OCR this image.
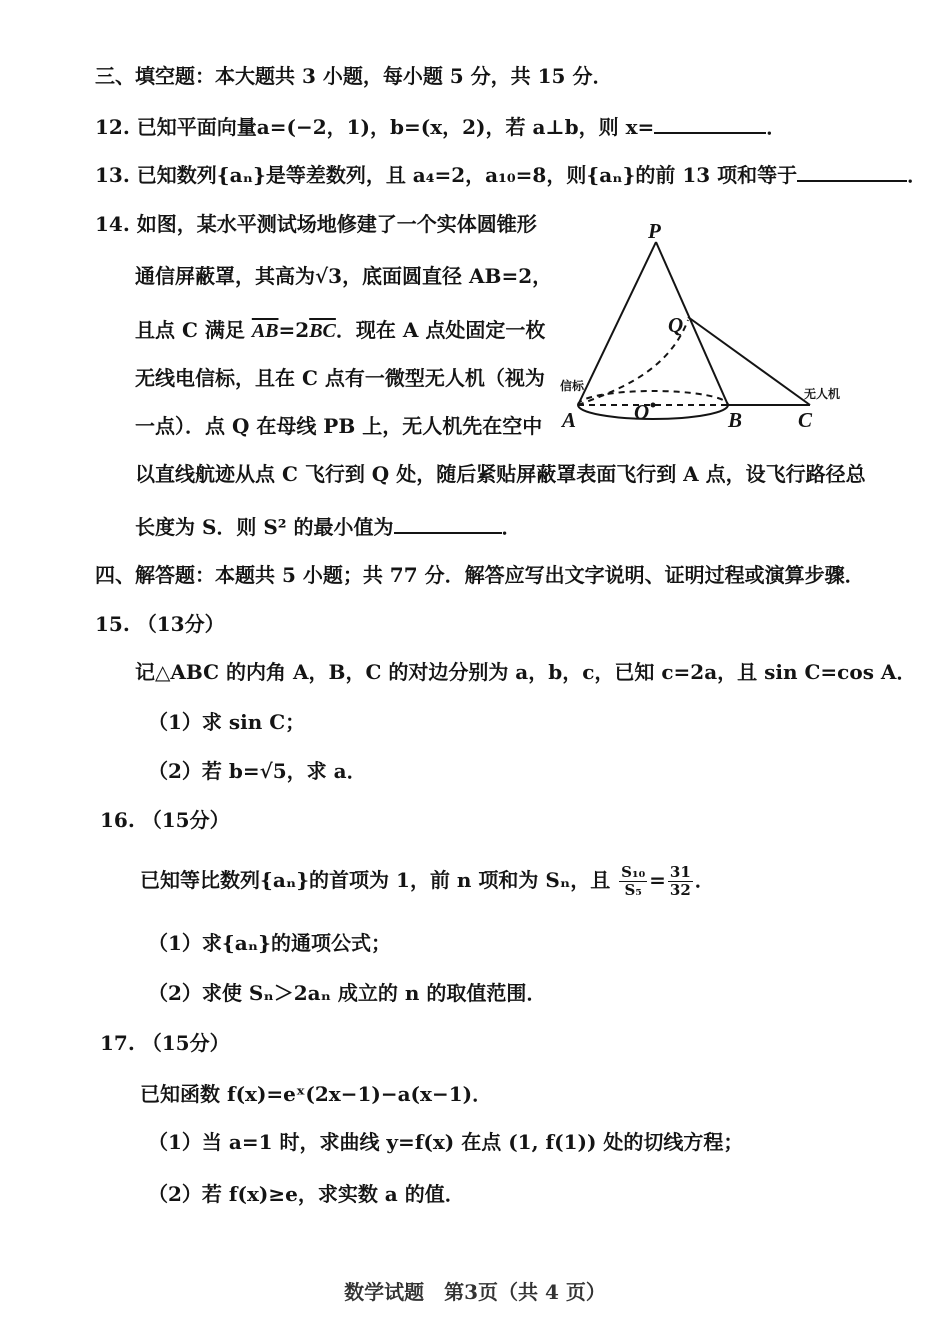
三、填空题：本大题共 3 小题，每小题 5 分，共 15 分．
12. 已知平面向量a=(−2，1)，b=(x，2)，若 a⊥b，则 x=	．
13. 已知数列{aₙ}是等差数列，且 a₄=2，a₁₀=8，则{aₙ}的前 13 项和等于	．
14. 如图，某水平测试场地修建了一个实体圆锥形
通信屏蔽罩，其高为√3，底面圆直径 AB=2，
且点 C 满足 $\overline{AB}=2\overline{BC}$．现在 A 点处固定一枚
无线电信标，且在 C 点有一微型无人机（视为
一点）．点 Q 在母线 PB 上，无人机先在空中
以直线航迹从点 C 飞行到 Q 处，随后紧贴屏蔽罩表面飞行到 A 点，设飞行路径总
长度为 S．则 S² 的最小值为	．
P
Q
A	B	C
O
信标
无人机
四、解答题：本题共 5 小题；共 77 分．解答应写出文字说明、证明过程或演算步骤．
15. （13分）
记△ABC 的内角 A，B，C 的对边分别为 a，b，c，已知 c=2a，且 sin C=cos A．
（1）求 sin C；
（2）若 b=√5，求 a．
16. （15分）
已知等比数列{aₙ}的首项为 1，前 n 项和为 Sₙ，且 $\frac{\text{S₁₀}}{\text{S₅}} = \frac{31}{32}$ ．
（1）求{aₙ}的通项公式；
（2）求使 Sₙ＞2aₙ 成立的 n 的取值范围．
17. （15分）
已知函数 f(x)=eˣ(2x−1)−a(x−1)．
（1）当 a=1 时，求曲线 y=f(x) 在点 (1, f(1)) 处的切线方程；
（2）若 f(x)≥e，求实数 a 的值．
数学试题　第3页（共 4 页）
